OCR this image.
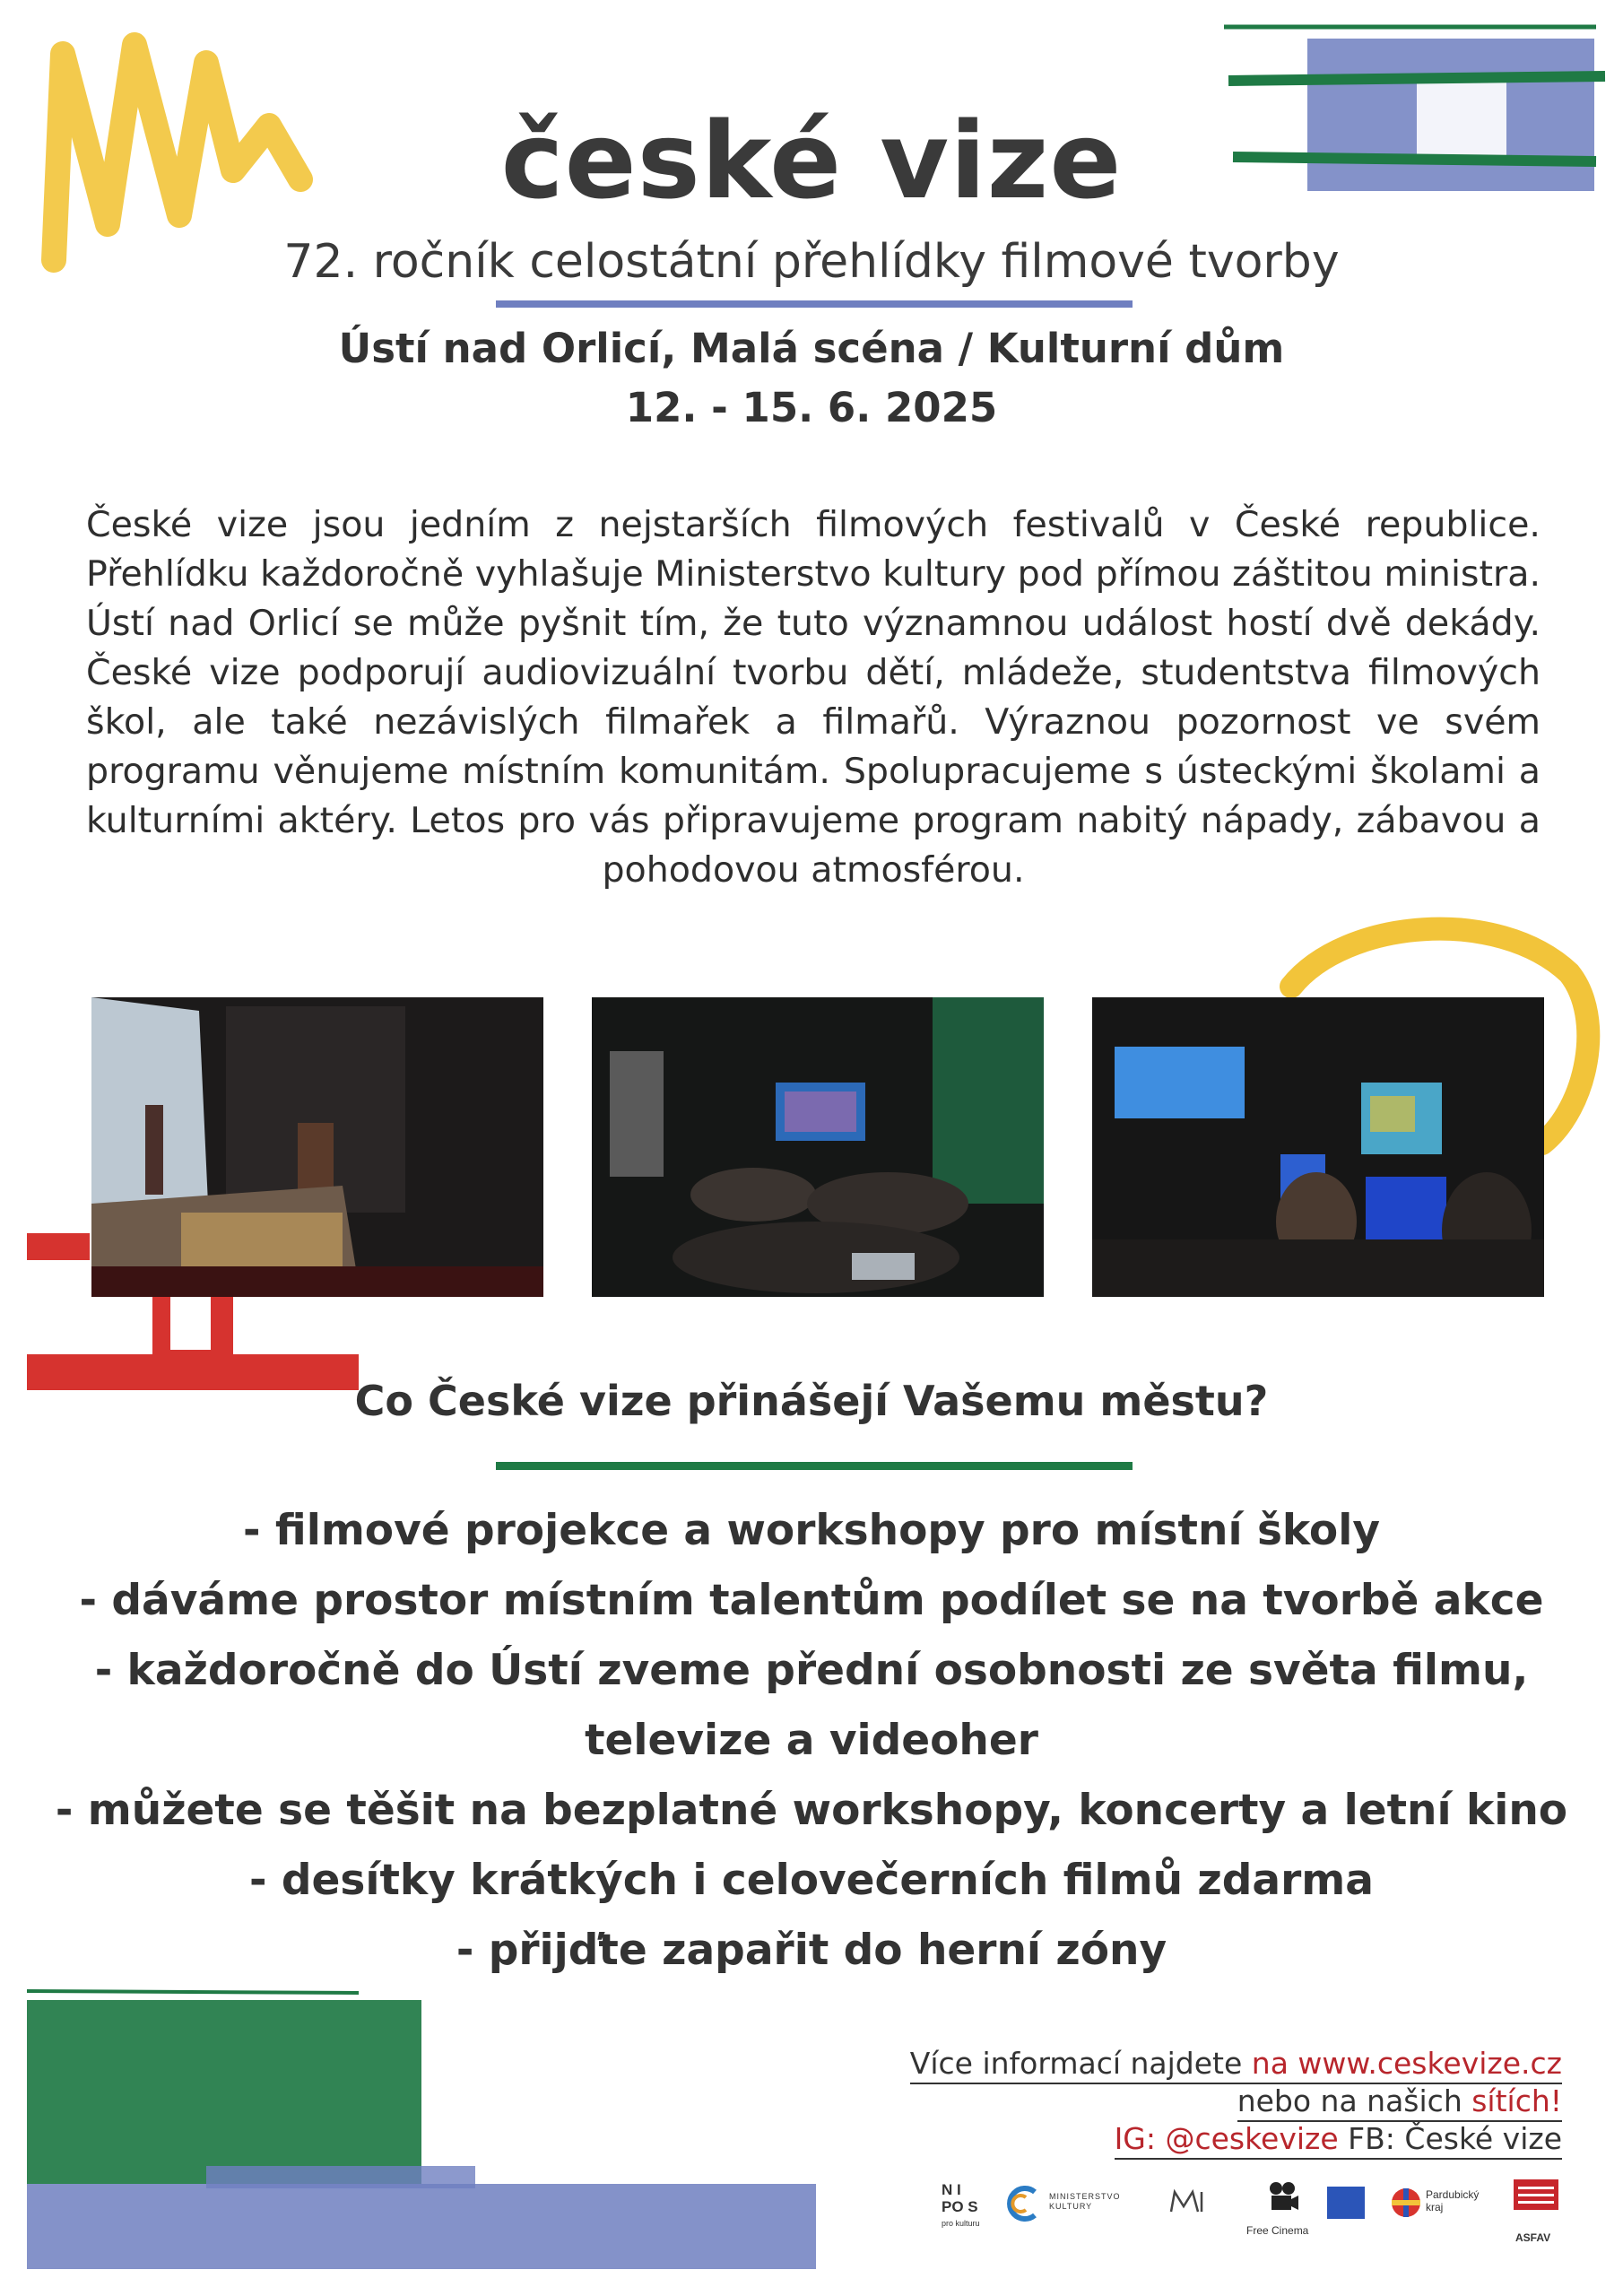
české vize
72. ročník celostátní přehlídky filmové tvorby
Ústí nad Orlicí, Malá scéna / Kulturní dům
12. - 15. 6. 2025
České vize jsou jedním z nejstarších filmových festivalů v České republice. Přehlídku každoročně vyhlašuje Ministerstvo kultury pod přímou záštitou ministra. Ústí nad Orlicí se může pyšnit tím, že tuto významnou událost hostí dvě dekády. České vize podporují audiovizuální tvorbu dětí, mládeže, studentstva filmových škol, ale také nezávislých filmařek a filmařů. Výraznou pozornost ve svém programu věnujeme místním komunitám. Spolupracujeme s ústeckými školami a kulturními aktéry. Letos pro vás připravujeme program nabitý nápady, zábavou a pohodovou atmosférou.
Co České vize přinášejí Vašemu městu?
- filmové projekce a workshopy pro místní školy
- dáváme prostor místním talentům podílet se na tvorbě akce
- každoročně do Ústí zveme přední osobnosti ze světa filmu,
televize a videoher
- můžete se těšit na bezplatné workshopy, koncerty a letní kino
- desítky krátkých i celovečerních filmů zdarma
- přijďte zapařit do herní zóny
Více informací najdete na www.ceskevize.cz
nebo na našich sítích!
IG: @ceskevize FB: České vize
N I
PO S
pro kulturu
MINISTERSTVO KULTURY
Free Cinema
Pardubický kraj
ASFAV
